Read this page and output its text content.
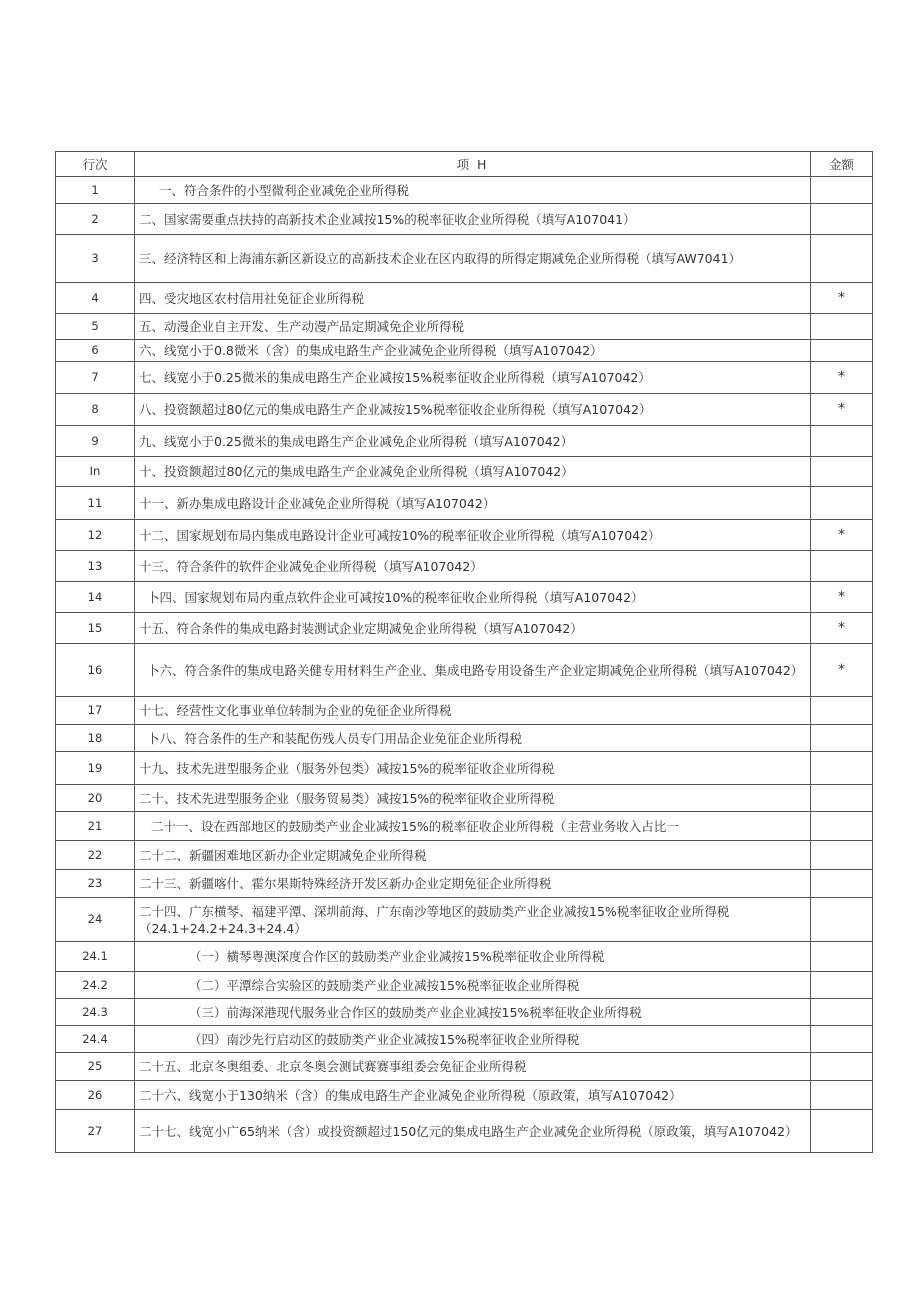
行次	项 H	金额
1	一、符合条件的小型微利企业减免企业所得税	
2	二、国家需要重点扶持的高新技术企业减按15%的税率征收企业所得税（填写A107041）	
3	三、经济特区和上海浦东新区新设立的高新技术企业在区内取得的所得定期减免企业所得税（填写AW7041）	
4	四、受灾地区农村信用社免征企业所得税	*
5	五、动漫企业自主开发、生产动漫产品定期减免企业所得税	
6	六、线宽小于0.8微米（含）的集成电路生产企业减免企业所得税（填写A107042）	
7	七、线宽小于0.25微米的集成电路生产企业减按15%税率征收企业所得税（填写A107042）	*
8	八、投资额超过80亿元的集成电路生产企业减按15%税率征收企业所得税（填写A107042）	*
9	九、线宽小于0.25微米的集成电路生产企业减免企业所得税（填写A107042）	
In	十、投资额超过80亿元的集成电路生产企业减免企业所得税（填写A107042）	
11	十一、新办集成电路设计企业减免企业所得税（填写A107042）	
12	十二、国家规划布局内集成电路设计企业可减按10%的税率征收企业所得税（填写A107042）	*
13	十三、符合条件的软件企业减免企业所得税（填写A107042）	
14	卜四、国家规划布局内重点软件企业可减按10%的税率征收企业所得税（填写A107042）	*
15	十五、符合条件的集成电路封装测试企业定期减免企业所得税（填写A107042）	*
16	卜六、符合条件的集成电路关健专用材料生产企业、集成电路专用设备生产企业定期减免企业所得税（填写A107042）	*
17	十七、经营性文化事业单位转制为企业的免征企业所得税	
18	卜八、符合条件的生产和装配伤残人员专门用品企业免征企业所得税	
19	十九、技术先进型服务企业（服务外包类）减按15%的税率征收企业所得税	
20	二十、技术先进型服务企业（服务贸易类）减按15%的税率征收企业所得税	
21	二十一、设在西部地区的鼓励类产业企业减按15%的税率征收企业所得税（主营业务收入占比一	
22	二十二、新疆困难地区新办企业定期减免企业所得税	
23	二十三、新疆喀什、霍尔果斯特殊经济开发区新办企业定期免征企业所得税	
24	二十四、广东横琴、福建平潭、深圳前海、广东南沙等地区的鼓励类产业企业减按15%税率征收企业所得税（24.1+24.2+24.3+24.4）	
24.1	（一）横琴粤澳深度合作区的鼓励类产业企业减按15%税率征收企业所得税	
24.2	（二）平潭综合实验区的鼓励类产业企业减按15%税率征收企业所得税	
24.3	（三）前海深港现代服务业合作区的鼓励类产业企业减按15%税率征收企业所得税	
24.4	（四）南沙先行启动区的鼓励类产业企业减按15%税率征收企业所得税	
25	二十五、北京冬奥组委、北京冬奥会测试赛赛事组委会免征企业所得税	
26	二十六、线宽小于130纳米（含）的集成电路生产企业减免企业所得税（原政策，填写A107042）	
27	二十七、线宽小广65纳米（含）或投资额超过150亿元的集成电路生产企业减免企业所得税（原政策，填写A107042）	
